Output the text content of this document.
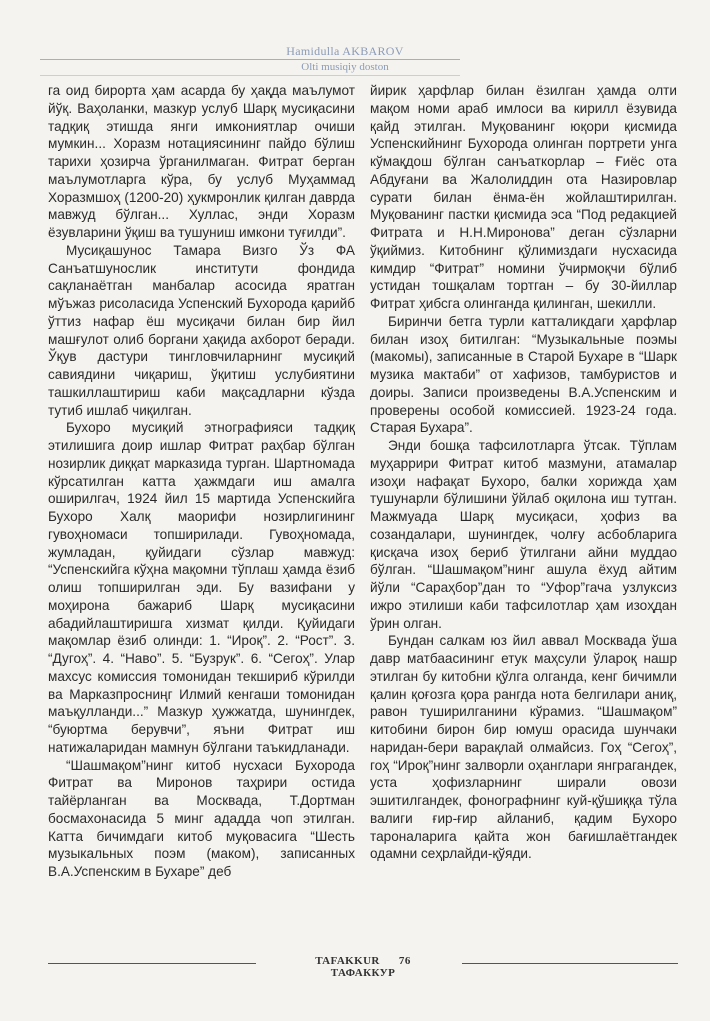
Hamidulla AKBAROV
Olti musiqiy doston

га оид бирорта ҳам асарда бу ҳақда маълумот йўқ. Ваҳоланки, мазкур услуб Шарқ мусиқасини тадқиқ этишда янги имкониятлар очиши мумкин... Хоразм нотациясининг пайдо бўлиш тарихи ҳозирча ўрганилмаган. Фитрат берган маълумотларга кўра, бу услуб Муҳаммад Хоразмшоҳ (1200-20) ҳукмронлик қилган даврда мавжуд бўлган... Хуллас, энди Хоразм ёзувларини ўқиш ва тушуниш имкони туғилди”.

Мусиқашунос Тамара Визго Ўз ФА Санъатшунослик институти фондида сақланаётган манбалар асосида яратган мўъжаз рисоласида Успенский Бухорода қарийб ўттиз нафар ёш мусиқачи билан бир йил машғулот олиб боргани ҳақида ахборот беради. Ўқув дастури тингловчиларнинг мусиқий савиядини чиқариш, ўқитиш услубиятини ташкиллаштириш каби мақсадларни кўзда тутиб ишлаб чиқилган.

Бухоро мусиқий этнографияси тадқиқ этилишига доир ишлар Фитрат раҳбар бўлган нозирлик диққат марказида турган. Шартномада кўрсатилган катта ҳажмдаги иш амалга оширилгач, 1924 йил 15 мартида Успенскийга Бухоро Халқ маорифи нозирлигининг гувоҳномаси топширилади. Гувоҳномада, жумладан, қуйидаги сўзлар мавжуд: “Успенскийга кўҳна мақомни тўплаш ҳамда ёзиб олиш топширилган эди. Бу вазифани у моҳирона бажариб Шарқ мусиқасини абадийлаштиришга хизмат қилди. Қуйидаги мақомлар ёзиб олинди: 1. “Ироқ”. 2. “Рост”. 3. “Дугоҳ”. 4. “Наво”. 5. “Бузрук”. 6. “Сегоҳ”. Улар махсус комиссия томонидан текшириб кўрилди ва Марказпросниңг Илмий кенгаши томонидан маъқулланди...” Мазкур ҳужжатда, шунингдек, “буюртма берувчи”, яъни Фитрат иш натижаларидан мамнун бўлгани таъкидланади.

“Шашмақом”нинг китоб нусхаси Бухорода Фитрат ва Миронов таҳрири остида тайёрланган ва Москвада, Т.Дортман босмахонасида 5 минг ададда чоп этилган. Катта бичимдаги китоб муқовасига “Шесть музыкальных поэм (маком), записанных В.А.Успенским в Бухаре” деб

йирик ҳарфлар билан ёзилган ҳамда олти мақом номи араб имлоси ва кирилл ёзувида қайд этилган. Муқованинг юқори қисмида Успенскийнинг Бухорода олинган портрети унга кўмақдош бўлган санъаткорлар – Ғиёс ота Абдуғани ва Жалолиддин ота Назировлар сурати билан ёнма-ён жойлаштирилган. Муқованинг пастки қисмида эса “Под редакцией Фитрата и Н.Н.Миронова” деган сўзларни ўқиймиз. Китобнинг қўлимиздаги нусхасида кимдир “Фитрат” номини ўчирмоқчи бўлиб устидан тошқалам тортган – бу 30-йиллар Фитрат ҳибсга олинганда қилинган, шекилли.

Биринчи бетга турли катталикдаги ҳарфлар билан изоҳ битилган: “Музыкальные поэмы (макомы), записанные в Старой Бухаре в “Шарк музика мактаби” от хафизов, тамбуристов и доиры. Записи произведены В.А.Успенским и проверены особой комиссией. 1923-24 года. Старая Бухара”.

Энди бошқа тафсилотларга ўтсак. Тўплам муҳаррири Фитрат китоб мазмуни, атамалар изоҳи нафақат Бухоро, балки хорижда ҳам тушунарли бўлишини ўйлаб оқилона иш тутган. Мажмуада Шарқ мусиқаси, ҳофиз ва созандалари, шунингдек, чолғу асбобларига қисқача изоҳ бериб ўтилгани айни муддао бўлган. “Шашмақом”нинг ашула ёхуд айтим йўли “Сараҳбор”дан то “Уфор”гача узлуксиз ижро этилиши каби тафсилотлар ҳам изоҳдан ўрин олган.

Бундан салкам юз йил аввал Москвада ўша давр матбаасининг етук маҳсули ўлароқ нашр этилган бу китобни қўлга олганда, кенг бичимли қалин қоғозга қора рангда нота белгилари аниқ, равон туширилганини кўрамиз. “Шашмақом” китобини бирон бир юмуш орасида шунчаки наридан-бери варақлай олмайсиз. Гоҳ “Сегоҳ”, гоҳ “Ироқ”нинг залворли оҳанглари янграгандек, уста ҳофизларнинг ширали овози эшитилгандек, фонографнинг куй-қўшиққа тўла валиги ғир-ғир айланиб, қадим Бухоро тароналарига қайта жон бағишлаётгандек одамни сеҳрлайди-қўяди.

TAFAKKUR 76 ТАФАККУР
